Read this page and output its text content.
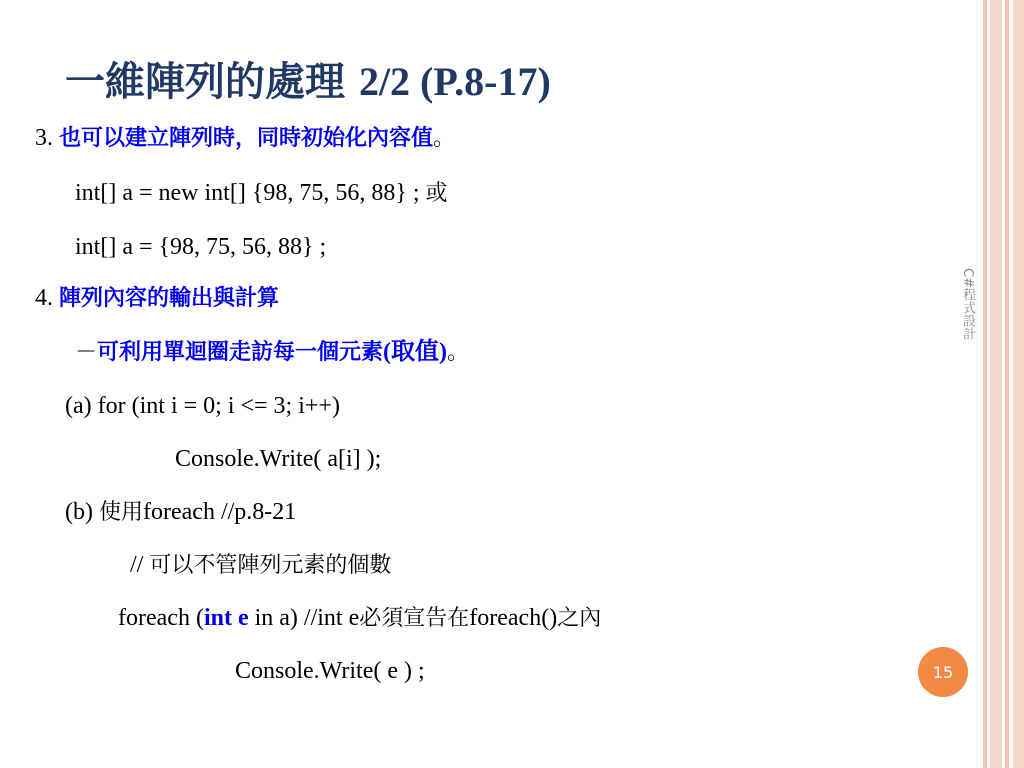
一維陣列的處理 2/2 (P.8-17)
C#程式設計
3. 也可以建立陣列時，同時初始化內容值。
int[] a = new int[] {98, 75, 56, 88} ; 或
int[] a = {98, 75, 56, 88} ;
4. 陣列內容的輸出與計算
－可利用單迴圈走訪每一個元素(取值)。
(a) for (int i = 0; i <= 3; i++)
Console.Write( a[i] );
(b) 使用foreach //p.8-21
// 可以不管陣列元素的個數
foreach (int e in a) //int e必須宣告在foreach()之內
Console.Write( e ) ;	15
